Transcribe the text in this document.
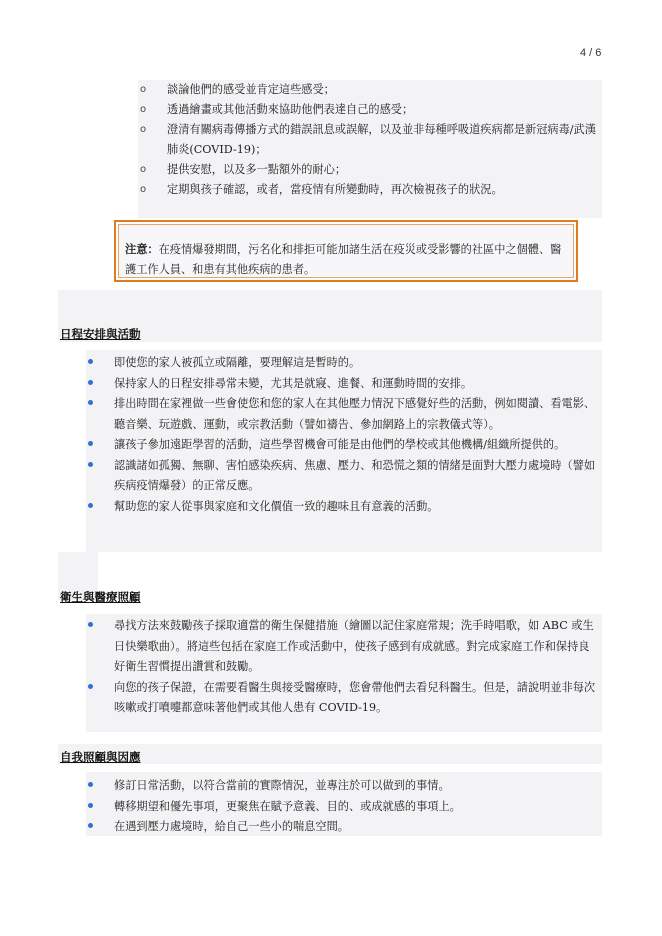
4 / 6
o 談論他們的感受並肯定這些感受；
o 透過繪畫或其他活動來協助他們表達自己的感受；
o 澄清有關病毒傳播方式的錯誤訊息或誤解，以及並非每種呼吸道疾病都是新冠病毒/武漢肺炎(COVID-19)；
o 提供安慰，以及多一點額外的耐心；
o 定期與孩子確認，或者，當疫情有所變動時，再次檢視孩子的狀況。
注意：在疫情爆發期間，污名化和排拒可能加諸生活在疫災或受影響的社區中之個體、醫護工作人員、和患有其他疾病的患者。
日程安排與活動
即使您的家人被孤立或隔離，要理解這是暫時的。
保持家人的日程安排尋常未變，尤其是就寢、進餐、和運動時間的安排。
排出時間在家裡做一些會使您和您的家人在其他壓力情況下感覺好些的活動，例如閱讀、看電影、聽音樂、玩遊戲、運動，或宗教活動（譬如禱告、參加網路上的宗教儀式等）。
讓孩子參加遠距學習的活動，這些學習機會可能是由他們的學校或其他機構/組織所提供的。
認識諸如孤獨、無聊、害怕感染疾病、焦慮、壓力、和恐慌之類的情緒是面對大壓力處境時（譬如疾病疫情爆發）的正常反應。
幫助您的家人從事與家庭和文化價值一致的趣味且有意義的活動。
衛生與醫療照顧
尋找方法來鼓勵孩子採取適當的衛生保健措施（繪圖以記住家庭常規；洗手時唱歌，如 ABC 或生日快樂歌曲）。將這些包括在家庭工作或活動中，使孩子感到有成就感。對完成家庭工作和保持良好衛生習慣提出讚賞和鼓勵。
向您的孩子保證，在需要看醫生與接受醫療時，您會帶他們去看兒科醫生。但是，請說明並非每次咳嗽或打噴嚏都意味著他們或其他人患有 COVID-19。
自我照顧與因應
修訂日常活動，以符合當前的實際情況，並專注於可以做到的事情。
轉移期望和優先事項，更聚焦在賦予意義、目的、或成就感的事項上。
在遇到壓力處境時，給自己一些小的喘息空間。
